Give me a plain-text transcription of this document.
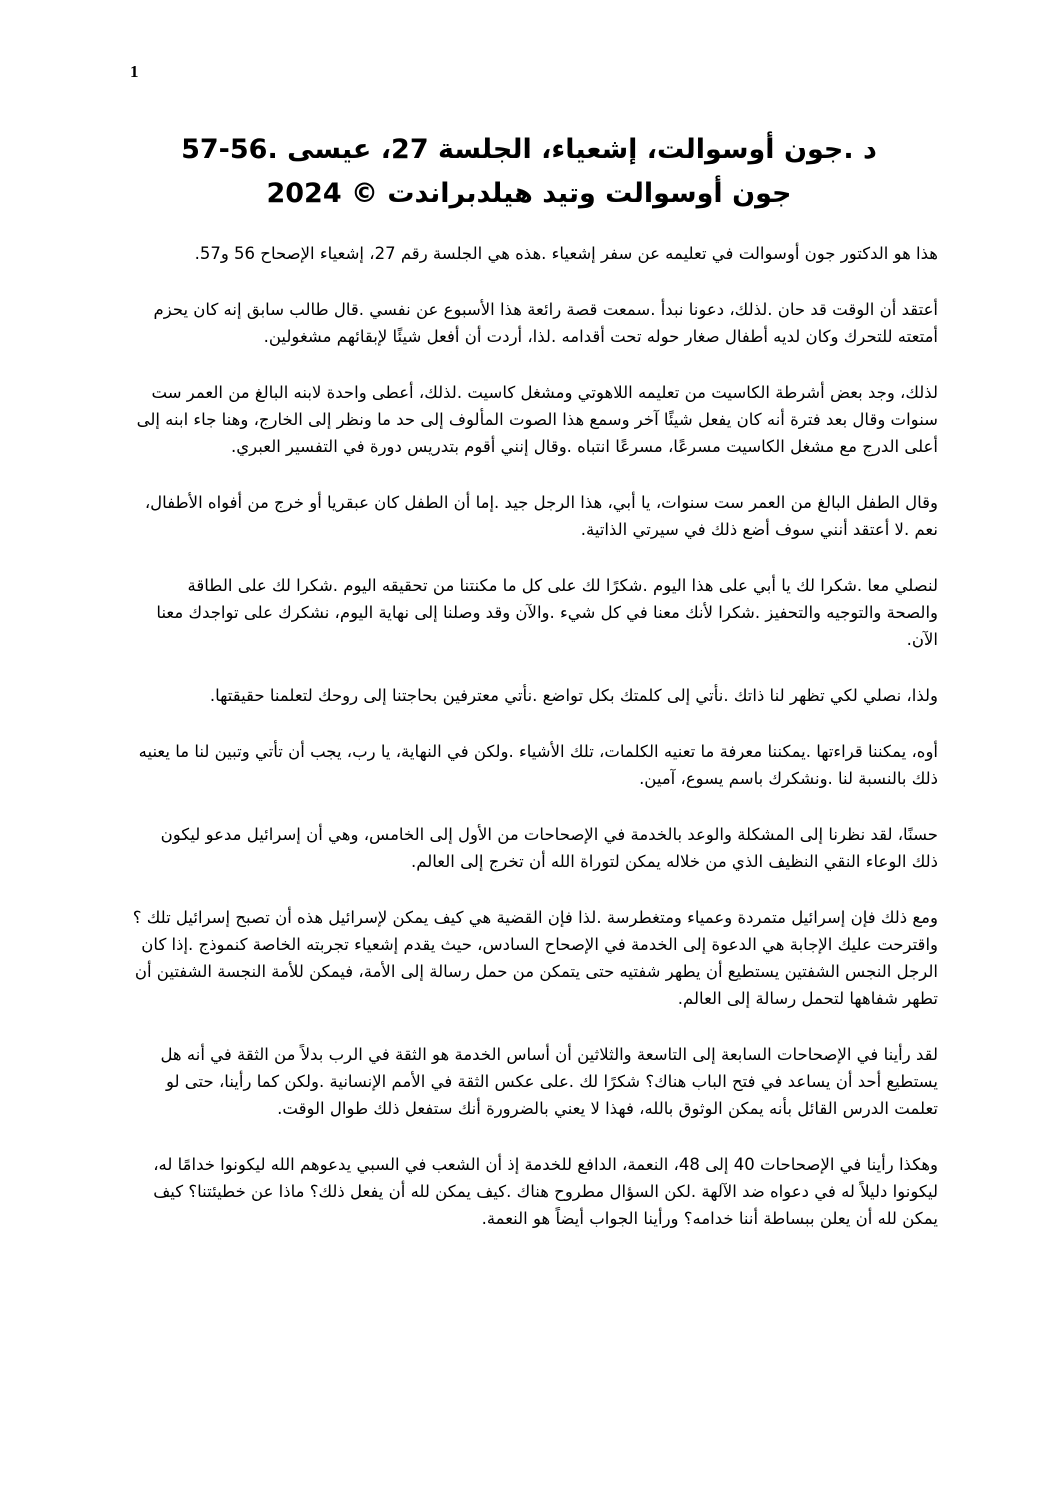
1
د .جون أوسوالت، إشعياء، الجلسة 27، عيسى .56-57
جون أوسوالت وتيد هيلدبراندت © 2024

هذا هو الدكتور جون أوسوالت في تعليمه عن سفر إشعياء .هذه هي الجلسة رقم 27، إشعياء الإصحاح 56 و57.

أعتقد أن الوقت قد حان .لذلك، دعونا نبدأ .سمعت قصة رائعة هذا الأسبوع عن نفسي .قال طالب سابق إنه كان يحزم أمتعته للتحرك وكان لديه أطفال صغار حوله تحت أقدامه .لذا، أردت أن أفعل شيئًا لإبقائهم مشغولين.

لذلك، وجد بعض أشرطة الكاسيت من تعليمه اللاهوتي ومشغل كاسيت .لذلك، أعطى واحدة لابنه البالغ من العمر ست سنوات وقال بعد فترة أنه كان يفعل شيئًا آخر وسمع هذا الصوت المألوف إلى حد ما ونظر إلى الخارج، وهنا جاء ابنه إلى أعلى الدرج مع مشغل الكاسيت مسرعًا، مسرعًا انتباه .وقال إنني أقوم بتدريس دورة في التفسير العبري.

وقال الطفل البالغ من العمر ست سنوات، يا أبي، هذا الرجل جيد .إما أن الطفل كان عبقريا أو خرج من أفواه الأطفال، نعم .لا أعتقد أنني سوف أضع ذلك في سيرتي الذاتية.

لنصلي معا .شكرا لك يا أبي على هذا اليوم .شكرًا لك على كل ما مكنتنا من تحقيقه اليوم .شكرا لك على الطاقة والصحة والتوجيه والتحفيز .شكرا لأنك معنا في كل شيء .والآن وقد وصلنا إلى نهاية اليوم، نشكرك على تواجدك معنا الآن.

ولذا، نصلي لكي تظهر لنا ذاتك .نأتي إلى كلمتك بكل تواضع .نأتي معترفين بحاجتنا إلى روحك لتعلمنا حقيقتها.

أوه، يمكننا قراءتها .يمكننا معرفة ما تعنيه الكلمات، تلك الأشياء .ولكن في النهاية، يا رب، يجب أن تأتي وتبين لنا ما يعنيه ذلك بالنسبة لنا .ونشكرك باسم يسوع، آمين.

حسنًا، لقد نظرنا إلى المشكلة والوعد بالخدمة في الإصحاحات من الأول إلى الخامس، وهي أن إسرائيل مدعو ليكون ذلك الوعاء النقي النظيف الذي من خلاله يمكن لتوراة الله أن تخرج إلى العالم.

ومع ذلك فإن إسرائيل متمردة وعمياء ومتغطرسة .لذا فإن القضية هي كيف يمكن لإسرائيل هذه أن تصبح إسرائيل تلك ؟ واقترحت عليك الإجابة هي الدعوة إلى الخدمة في الإصحاح السادس، حيث يقدم إشعياء تجربته الخاصة كنموذج .إذا كان الرجل النجس الشفتين يستطيع أن يطهر شفتيه حتى يتمكن من حمل رسالة إلى الأمة، فيمكن للأمة النجسة الشفتين أن تطهر شفاهها لتحمل رسالة إلى العالم.

لقد رأينا في الإصحاحات السابعة إلى التاسعة والثلاثين أن أساس الخدمة هو الثقة في الرب بدلاً من الثقة في أنه هل يستطيع أحد أن يساعد في فتح الباب هناك؟ شكرًا لك .على عكس الثقة في الأمم الإنسانية .ولكن كما رأينا، حتى لو تعلمت الدرس القائل بأنه يمكن الوثوق بالله، فهذا لا يعني بالضرورة أنك ستفعل ذلك طوال الوقت.

وهكذا رأينا في الإصحاحات 40 إلى 48، النعمة، الدافع للخدمة إذ أن الشعب في السبي يدعوهم الله ليكونوا خدامًا له، ليكونوا دليلاً له في دعواه ضد الآلهة .لكن السؤال مطروح هناك .كيف يمكن لله أن يفعل ذلك؟ ماذا عن خطيئتنا؟ كيف يمكن لله أن يعلن ببساطة أننا خدامه؟ ورأينا الجواب أيضاً هو النعمة.
